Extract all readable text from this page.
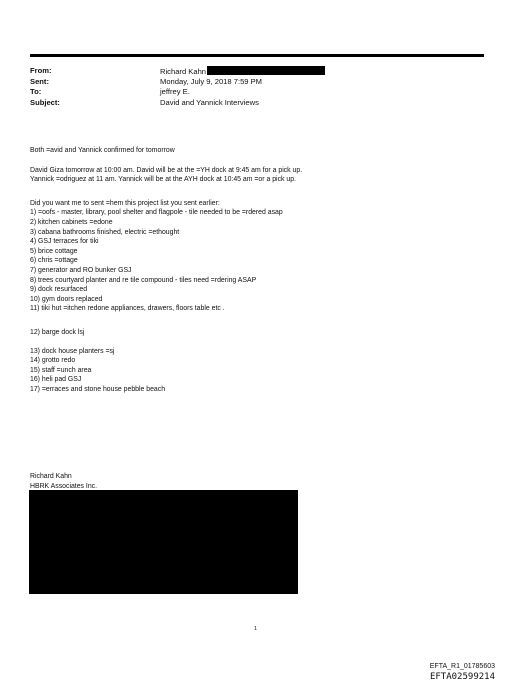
From:	Richard Kahn
Sent:	Monday, July 9, 2018 7:59 PM
To:	jeffrey E.
Subject:	David and Yannick Interviews

Both =avid and Yannick confirmed for tomorrow

David Giza tomorrow at 10:00 am. David will be at the =YH dock at 9:45 am for a pick up.

Yannick =odriguez at 11 am. Yannick will be at the AYH dock at 10:45 am =or a pick up.

Did you want me to sent =hem this project list you sent earlier:

1) =oofs - master, library, pool shelter and flagpole - tile needed to be =rdered asap

2) kitchen cabinets =edone

3) cabana bathrooms finished, electric =ethought

4) GSJ terraces for tiki

5) brice cottage

6) chris =ottage

7) generator and RO bunker GSJ

8) trees courtyard planter and re tile compound - tiles need =rdering ASAP

9) dock resurfaced

10) gym doors replaced

11) tiki hut =itchen redone appliances, drawers, floors table etc .

12) barge dock lsj

13) dock house planters =sj

14) grotto redo

15) staff =unch area

16) heli pad GSJ

17) =erraces and stone house pebble beach

Richard Kahn

HBRK Associates Inc.

1
EFTA_R1_01785603
EFTA02599214
